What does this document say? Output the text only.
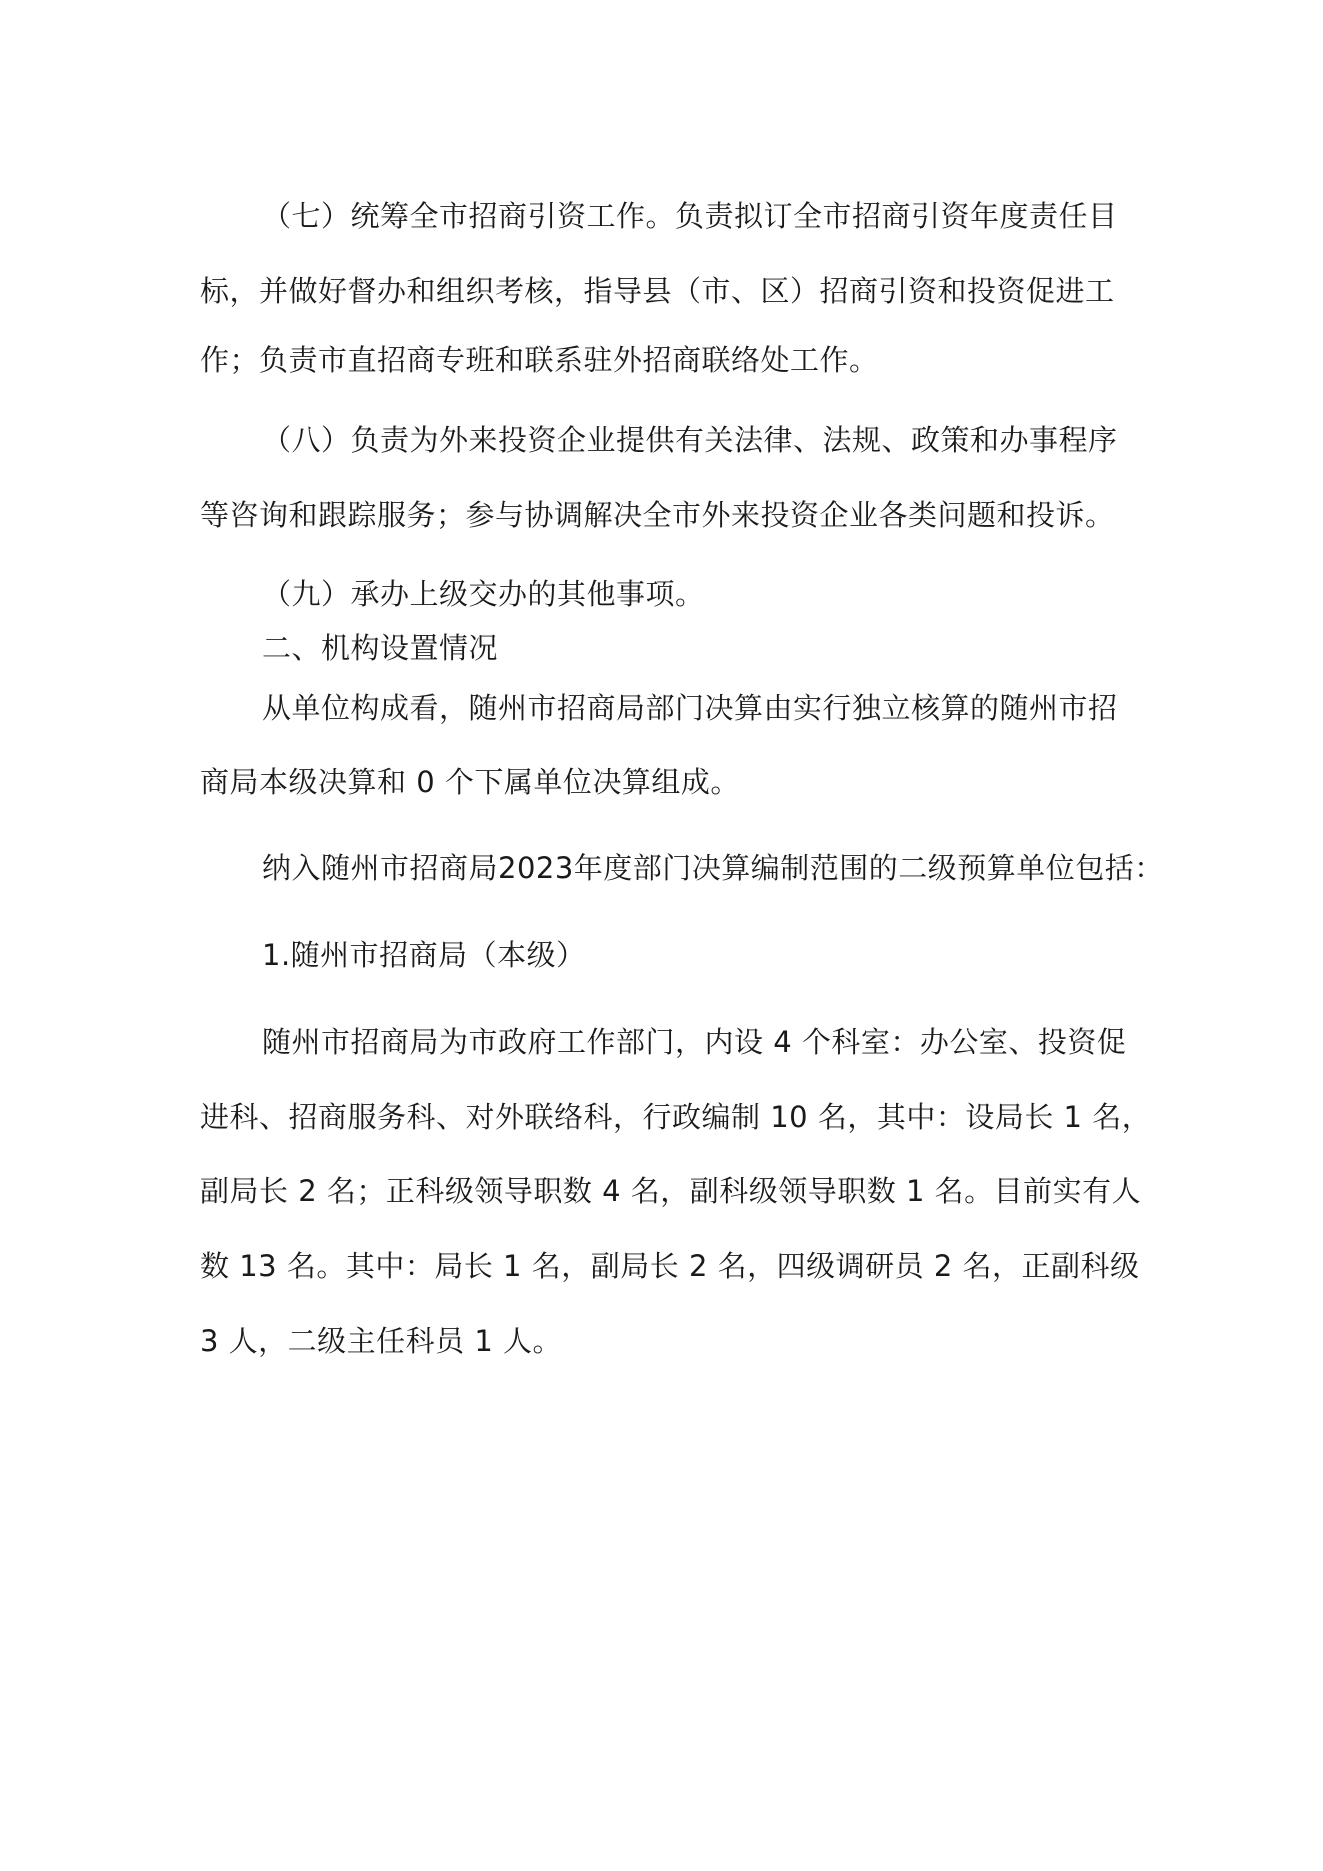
（七）统筹全市招商引资工作。负责拟订全市招商引资年度责任目
标，并做好督办和组织考核，指导县（市、区）招商引资和投资促进工
作；负责市直招商专班和联系驻外招商联络处工作。
（八）负责为外来投资企业提供有关法律、法规、政策和办事程序
等咨询和跟踪服务；参与协调解决全市外来投资企业各类问题和投诉。
（九）承办上级交办的其他事项。
二、机构设置情况
从单位构成看，随州市招商局部门决算由实行独立核算的随州市招
商局本级决算和 0 个下属单位决算组成。
纳入随州市招商局2023年度部门决算编制范围的二级预算单位包括：
1.随州市招商局（本级）
随州市招商局为市政府工作部门，内设 4 个科室：办公室、投资促
进科、招商服务科、对外联络科，行政编制 10 名，其中：设局长 1 名，
副局长 2 名；正科级领导职数 4 名，副科级领导职数 1 名。目前实有人
数 13 名。其中：局长 1 名，副局长 2 名，四级调研员 2 名，正副科级
3 人，二级主任科员 1 人。
